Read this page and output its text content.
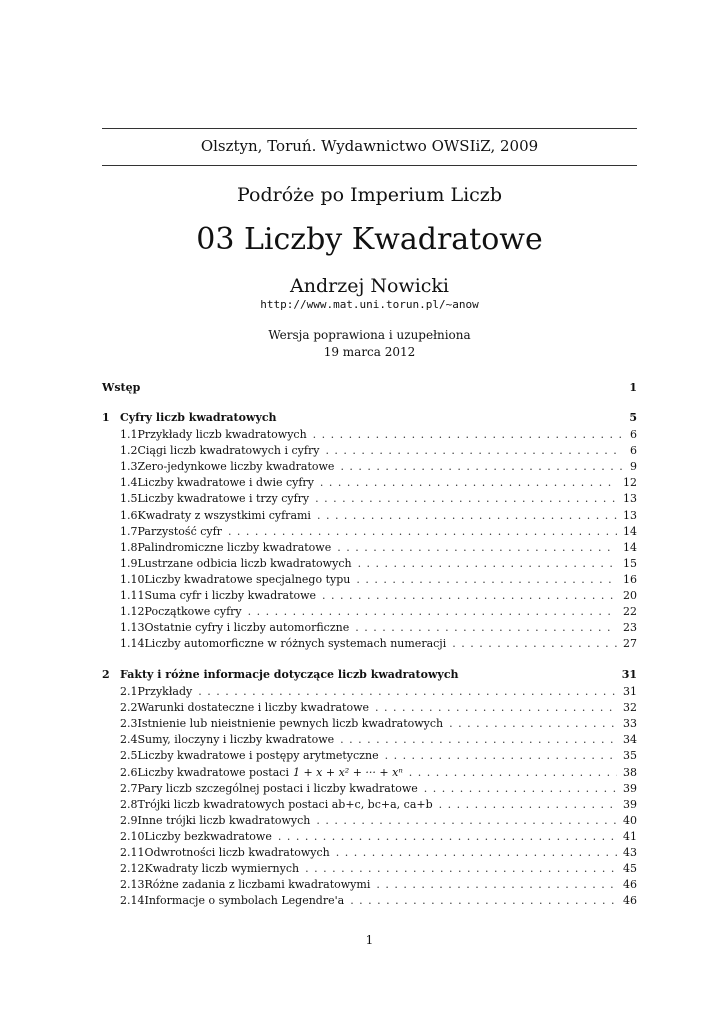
Olsztyn, Toruń. Wydawnictwo OWSIiZ, 2009
Podróże po Imperium Liczb
03 Liczby Kwadratowe
Andrzej Nowicki
http://www.mat.uni.torun.pl/~anow
Wersja poprawiona i uzupełniona
19 marca 2012
Wstęp	1
1 Cyfry liczb kwadratowych	5
1.1 Przykłady liczb kwadratowych . . .	6
1.2 Ciągi liczb kwadratowych i cyfry . . .	6
1.3 Zero-jedynkowe liczby kwadratowe . . .	9
1.4 Liczby kwadratowe i dwie cyfry . . .	12
1.5 Liczby kwadratowe i trzy cyfry . . .	13
1.6 Kwadraty z wszystkimi cyframi . . .	13
1.7 Parzystość cyfr . . .	14
1.8 Palindromiczne liczby kwadratowe . . .	14
1.9 Lustrzane odbicia liczb kwadratowych . . .	15
1.10 Liczby kwadratowe specjalnego typu . . .	16
1.11 Suma cyfr i liczby kwadratowe . . .	20
1.12 Początkowe cyfry . . .	22
1.13 Ostatnie cyfry i liczby automorficzne . . .	23
1.14 Liczby automorficzne w różnych systemach numeracji . . .	27
2 Fakty i różne informacje dotyczące liczb kwadratowych	31
2.1 Przykłady . . .	31
2.2 Warunki dostateczne i liczby kwadratowe . . .	32
2.3 Istnienie lub nieistnienie pewnych liczb kwadratowych . . .	33
2.4 Sumy, iloczyny i liczby kwadratowe . . .	34
2.5 Liczby kwadratowe i postępy arytmetyczne . . .	35
2.6 Liczby kwadratowe postaci 1 + x + x² + ··· + xⁿ . . .	38
2.7 Pary liczb szczególnej postaci i liczby kwadratowe . . .	39
2.8 Trójki liczb kwadratowych postaci ab+c, bc+a, ca+b . . .	39
2.9 Inne trójki liczb kwadratowych . . .	40
2.10 Liczby bezkwadratowe . . .	41
2.11 Odwrotności liczb kwadratowych . . .	43
2.12 Kwadraty liczb wymiernych . . .	45
2.13 Różne zadania z liczbami kwadratowymi . . .	46
2.14 Informacje o symbolach Legendre'a . . .	46
1
